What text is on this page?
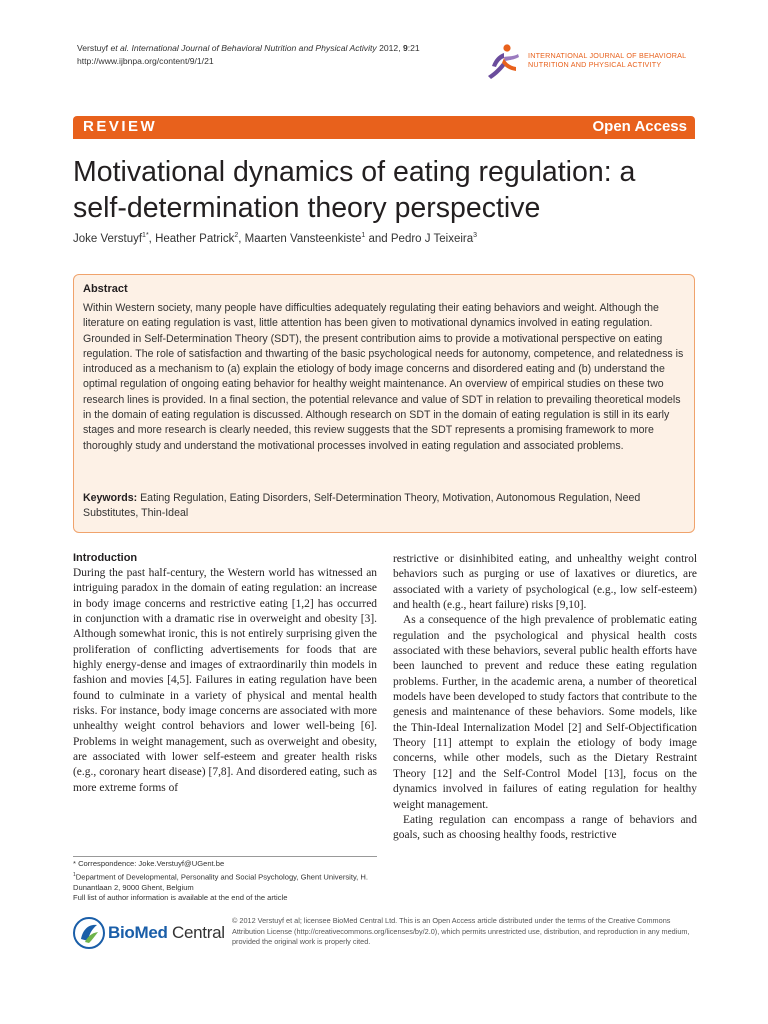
Verstuyf et al. International Journal of Behavioral Nutrition and Physical Activity 2012, 9:21
http://www.ijbnpa.org/content/9/1/21
INTERNATIONAL JOURNAL OF BEHAVIORAL
NUTRITION AND PHYSICAL ACTIVITY
REVIEW	Open Access
Motivational dynamics of eating regulation: a self-determination theory perspective
Joke Verstuyf$^{1*}$, Heather Patrick$^2$, Maarten Vansteenkiste$^1$ and Pedro J Teixeira$^3$
Abstract
Within Western society, many people have difficulties adequately regulating their eating behaviors and weight. Although the literature on eating regulation is vast, little attention has been given to motivational dynamics involved in eating regulation. Grounded in Self-Determination Theory (SDT), the present contribution aims to provide a motivational perspective on eating regulation. The role of satisfaction and thwarting of the basic psychological needs for autonomy, competence, and relatedness is introduced as a mechanism to (a) explain the etiology of body image concerns and disordered eating and (b) understand the optimal regulation of ongoing eating behavior for healthy weight maintenance. An overview of empirical studies on these two research lines is provided. In a final section, the potential relevance and value of SDT in relation to prevailing theoretical models in the domain of eating regulation is discussed. Although research on SDT in the domain of eating regulation is still in its early stages and more research is clearly needed, this review suggests that the SDT represents a promising framework to more thoroughly study and understand the motivational processes involved in eating regulation and associated problems.
Keywords: Eating Regulation, Eating Disorders, Self-Determination Theory, Motivation, Autonomous Regulation, Need Substitutes, Thin-Ideal
Introduction

During the past half-century, the Western world has witnessed an intriguing paradox in the domain of eating regulation: an increase in body image concerns and restrictive eating [1,2] has occurred in conjunction with a dramatic rise in overweight and obesity [3]. Although somewhat ironic, this is not entirely surprising given the proliferation of conflicting advertisements for foods that are highly energy-dense and images of extraordinarily thin models in fashion and movies [4,5]. Failures in eating regulation have been found to culminate in a variety of physical and mental health risks. For instance, body image concerns are associated with more unhealthy weight control behaviors and lower well-being [6]. Problems in weight management, such as overweight and obesity, are associated with lower self-esteem and greater health risks (e.g., coronary heart disease) [7,8]. And disordered eating, such as more extreme forms of

restrictive or disinhibited eating, and unhealthy weight control behaviors such as purging or use of laxatives or diuretics, are associated with a variety of psychological (e.g., low self-esteem) and health (e.g., heart failure) risks [9,10].

As a consequence of the high prevalence of problematic eating regulation and the psychological and physical health costs associated with these behaviors, several public health efforts have been launched to prevent and reduce these eating regulation problems. Further, in the academic arena, a number of theoretical models have been developed to study factors that contribute to the genesis and maintenance of these behaviors. Some models, like the Thin-Ideal Internalization Model [2] and Self-Objectification Theory [11] attempt to explain the etiology of body image concerns, while other models, such as the Dietary Restraint Theory [12] and the Self-Control Model [13], focus on the dynamics involved in failures of eating regulation for healthy weight management.

Eating regulation can encompass a range of behaviors and goals, such as choosing healthy foods, restrictive

* Correspondence: Joke.Verstuyf@UGent.be
$^1$Department of Developmental, Personality and Social Psychology, Ghent University, H. Dunantlaan 2, 9000 Ghent, Belgium
Full list of author information is available at the end of the article
BioMed Central
© 2012 Verstuyf et al; licensee BioMed Central Ltd. This is an Open Access article distributed under the terms of the Creative Commons Attribution License (http://creativecommons.org/licenses/by/2.0), which permits unrestricted use, distribution, and reproduction in any medium, provided the original work is properly cited.
